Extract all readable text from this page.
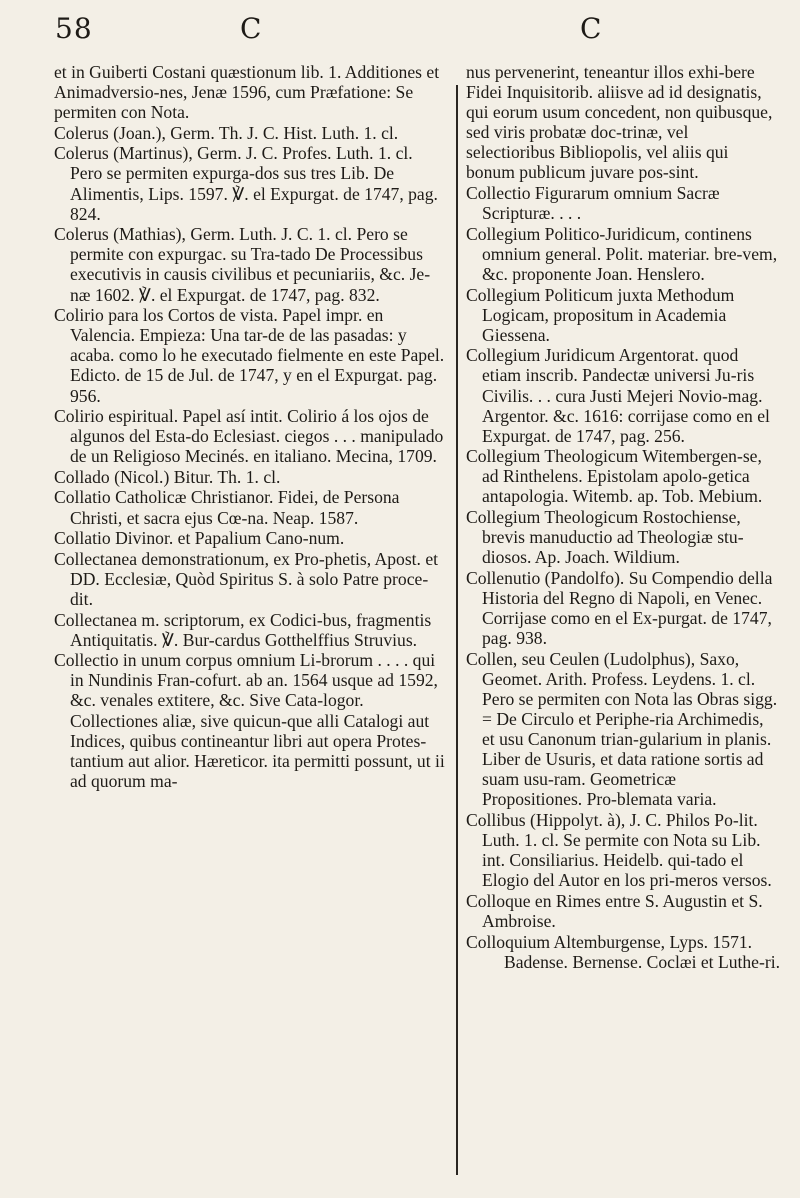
58	C	C

et in Guiberti Costani quæstionum lib. 1. Additiones et Animadversio-nes, Jenæ 1596, cum Præfatione: Se permiten con Nota.

Colerus (Joan.), Germ. Th. J. C. Hist. Luth. 1. cl.

Colerus (Martinus), Germ. J. C. Profes. Luth. 1. cl. Pero se permiten expurga-dos sus tres Lib. De Alimentis, Lips. 1597. ℣. el Expurgat. de 1747, pag. 824.

Colerus (Mathias), Germ. Luth. J. C. 1. cl. Pero se permite con expurgac. su Tra-tado De Processibus executivis in causis civilibus et pecuniariis, &c. Je-næ 1602. ℣. el Expurgat. de 1747, pag. 832.

Colirio para los Cortos de vista. Papel impr. en Valencia. Empieza: Una tar-de de las pasadas: y acaba. como lo he executado fielmente en este Papel. Edicto. de 15 de Jul. de 1747, y en el Expurgat. pag. 956.

Colirio espiritual. Papel así intit. Colirio á los ojos de algunos del Esta-do Eclesiast. ciegos . . . manipulado de un Religioso Mecinés. en italiano. Mecina, 1709.

Collado (Nicol.) Bitur. Th. 1. cl.

Collatio Catholicæ Christianor. Fidei, de Persona Christi, et sacra ejus Cœ-na. Neap. 1587.

Collatio Divinor. et Papalium Cano-num.

Collectanea demonstrationum, ex Pro-phetis, Apost. et DD. Ecclesiæ, Quòd Spiritus S. à solo Patre proce-dit.

Collectanea m. scriptorum, ex Codici-bus, fragmentis Antiquitatis. ℣. Bur-cardus Gotthelffius Struvius.

Collectio in unum corpus omnium Li-brorum . . . . qui in Nundinis Fran-cofurt. ab an. 1564 usque ad 1592, &c. venales extitere, &c. Sive Cata-logor. Collectiones aliæ, sive quicun-que alli Catalogi aut Indices, quibus contineantur libri aut opera Protes-tantium aut alior. Hæreticor. ita permitti possunt, ut ii ad quorum ma-

nus pervenerint, teneantur illos exhi-bere Fidei Inquisitorib. aliisve ad id designatis, qui eorum usum concedent, non quibusque, sed viris probatæ doc-trinæ, vel selectioribus Bibliopolis, vel aliis qui bonum publicum juvare pos-sint.

Collectio Figurarum omnium Sacræ Scripturæ. . . .

Collegium Politico-Juridicum, continens omnium general. Polit. materiar. bre-vem, &c. proponente Joan. Henslero.

Collegium Politicum juxta Methodum Logicam, propositum in Academia Giessena.

Collegium Juridicum Argentorat. quod etiam inscrib. Pandectæ universi Ju-ris Civilis. . . cura Justi Mejeri Novio-mag. Argentor. &c. 1616: corrijase como en el Expurgat. de 1747, pag. 256.

Collegium Theologicum Witembergen-se, ad Rinthelens. Epistolam apolo-getica antapologia. Witemb. ap. Tob. Mebium.

Collegium Theologicum Rostochiense, brevis manuductio ad Theologiæ stu-diosos. Ap. Joach. Wildium.

Collenutio (Pandolfo). Su Compendio della Historia del Regno di Napoli, en Venec. Corrijase como en el Ex-purgat. de 1747, pag. 938.

Collen, seu Ceulen (Ludolphus), Saxo, Geomet. Arith. Profess. Leydens. 1. cl. Pero se permiten con Nota las Obras sigg. = De Circulo et Periphe-ria Archimedis, et usu Canonum trian-gularium in planis. Liber de Usuris, et data ratione sortis ad suam usu-ram. Geometricæ Propositiones. Pro-blemata varia.

Collibus (Hippolyt. à), J. C. Philos Po-lit. Luth. 1. cl. Se permite con Nota su Lib. int. Consiliarius. Heidelb. qui-tado el Elogio del Autor en los pri-meros versos.

Colloque en Rimes entre S. Augustin et S. Ambroise.

Colloquium Altemburgense, Lyps. 1571.

Badense. Bernense. Coclæi et Luthe-ri.
